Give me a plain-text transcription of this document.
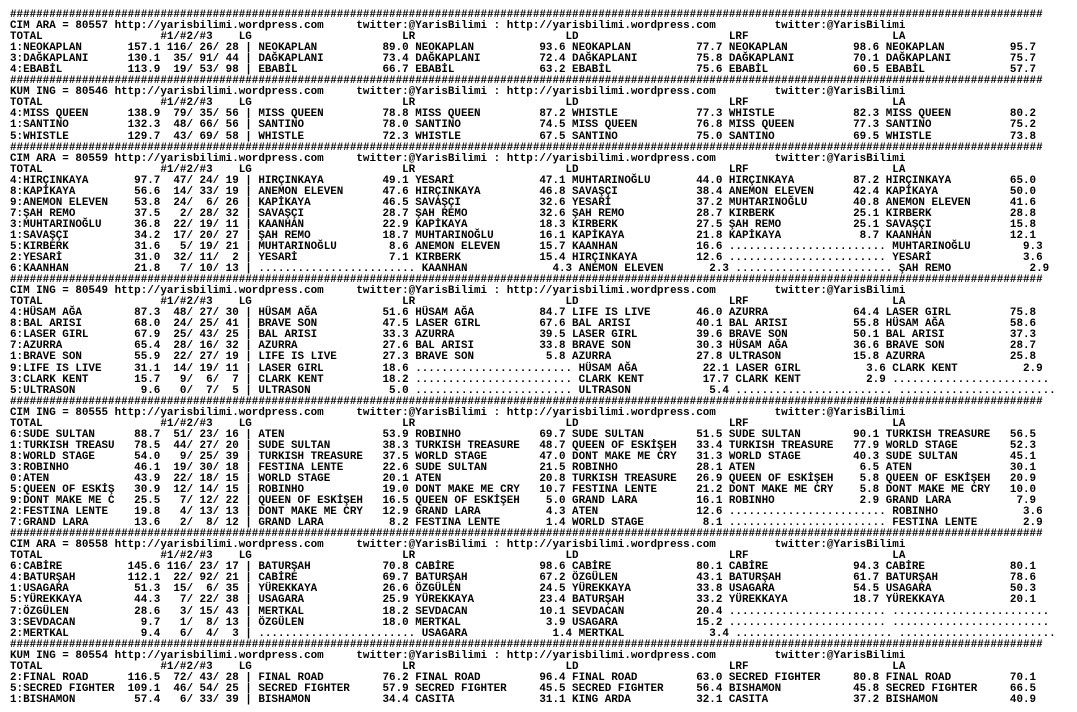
##############################################################################################################################################################
CIM ARA = 80557 http://yarisbilimi.wordpress.com     twitter:@YarisBilimi : http://yarisbilimi.wordpress.com         twitter:@YarisBilimi
TOTAL                  #1/#2/#3    LG                       LR                       LD                       LRF                      LA
1:NEOKAPLAN       157.1 116/ 26/ 28 | NEOKAPLAN          89.0 NEOKAPLAN          93.6 NEOKAPLAN          77.7 NEOKAPLAN          98.6 NEOKAPLAN          95.7
3:DAĞKAPLANI      130.1  35/ 91/ 44 | DAĞKAPLANI         73.4 DAĞKAPLANI         72.4 DAĞKAPLANI         75.8 DAĞKAPLANI         70.1 DAĞKAPLANI         75.7
4:EBABİL          113.9  19/ 53/ 98 | EBABİL             66.7 EBABİL             63.2 EBABİL             75.6 EBABİL             60.5 EBABİL             57.7
##############################################################################################################################################################
KUM ING = 80546 http://yarisbilimi.wordpress.com     twitter:@YarisBilimi : http://yarisbilimi.wordpress.com         twitter:@YarisBilimi
TOTAL                  #1/#2/#3    LG                       LR                       LD                       LRF                      LA
4:MISS QUEEN      138.9  79/ 35/ 56 | MISS QUEEN         78.8 MISS QUEEN         87.2 WHISTLE            77.3 WHISTLE            82.3 MISS QUEEN         80.2
1:SANTINO         132.3  48/ 66/ 56 | SANTINO            78.0 SANTINO            74.5 MISS QUEEN         76.8 MISS QUEEN         77.3 SANTINO            75.2
5:WHISTLE         129.7  43/ 69/ 58 | WHISTLE            72.3 WHISTLE            67.5 SANTINO            75.0 SANTINO            69.5 WHISTLE            73.8
##############################################################################################################################################################
CIM ARA = 80559 http://yarisbilimi.wordpress.com     twitter:@YarisBilimi : http://yarisbilimi.wordpress.com         twitter:@YarisBilimi
TOTAL                  #1/#2/#3    LG                       LR                       LD                       LRF                      LA
4:HIRÇINKAYA       97.7  47/ 24/ 19 | HIRÇINKAYA         49.1 YESARİ             47.1 MUHTARINOĞLU       44.0 HIRÇINKAYA         87.2 HIRÇINKAYA         65.0
8:KAPİKAYA         56.6  14/ 33/ 19 | ANEMON ELEVEN      47.6 HIRÇINKAYA         46.8 SAVAŞÇI            38.4 ANEMON ELEVEN      42.4 KAPİKAYA           50.0
9:ANEMON ELEVEN    53.8  24/  6/ 26 | KAPİKAYA           46.5 SAVAŞÇI            32.6 YESARİ             37.2 MUHTARINOĞLU       40.8 ANEMON ELEVEN      41.6
7:ŞAH REMO         37.5   2/ 28/ 32 | SAVAŞÇI            28.7 ŞAH REMO           32.6 ŞAH REMO           28.7 KIRBERK            25.1 KIRBERK            28.8
3:MUHTARINOĞLU     36.8  22/ 19/ 11 | KAANHAN            22.9 KAPİKAYA           18.3 KIRBERK            27.5 ŞAH REMO           25.1 SAVAŞÇI            15.8
1:SAVAŞÇI          34.2  17/ 20/ 27 | ŞAH REMO           18.7 MUHTARINOĞLU       16.1 KAPİKAYA           21.8 KAPİKAYA            8.7 KAANHAN            12.1
5:KIRBERK          31.6   5/ 19/ 21 | MUHTARINOĞLU        8.6 ANEMON ELEVEN      15.7 KAANHAN            16.6 ........................ MUHTARINOĞLU        9.3
2:YESARİ           31.0  32/ 11/  2 | YESARİ              7.1 KIRBERK            15.4 HIRÇINKAYA         12.6 ........................ YESARİ              3.6
6:KAANHAN          21.8   7/ 10/ 13 | ........................ KAANHAN             4.3 ANEMON ELEVEN       2.3 ........................ ŞAH REMO            2.9
##############################################################################################################################################################
CIM ING = 80549 http://yarisbilimi.wordpress.com     twitter:@YarisBilimi : http://yarisbilimi.wordpress.com         twitter:@YarisBilimi
TOTAL                  #1/#2/#3    LG                       LR                       LD                       LRF                      LA
4:HÜSAM AĞA        87.3  48/ 27/ 30 | HÜSAM AĞA          51.6 HÜSAM AĞA          84.7 LIFE IS LIVE       46.0 AZURRA             64.4 LASER GIRL         75.8
8:BAL ARISI        68.0  24/ 25/ 41 | BRAVE SON          47.5 LASER GIRL         67.6 BAL ARISI          40.1 BAL ARISI          55.8 HÜSAM AĞA          58.6
6:LASER GIRL       67.9  25/ 43/ 25 | BAL ARISI          33.3 AZURRA             39.5 LASER GIRL         39.6 BRAVE SON          50.1 BAL ARISI          37.3
7:AZURRA           65.4  28/ 16/ 32 | AZURRA             27.6 BAL ARISI          33.8 BRAVE SON          30.3 HÜSAM AĞA          36.6 BRAVE SON          28.7
1:BRAVE SON        55.9  22/ 27/ 19 | LIFE IS LIVE       27.3 BRAVE SON           5.8 AZURRA             27.8 ULTRASON           15.8 AZURRA             25.8
9:LIFE IS LIVE     31.1  14/ 19/ 11 | LASER GIRL         18.6 ........................ HÜSAM AĞA          22.1 LASER GIRL          3.6 CLARK KENT          2.9
3:CLARK KENT       15.7   9/  6/  7 | CLARK KENT         18.2 ........................ CLARK KENT         17.7 CLARK KENT          2.9 ........................
5:ULTRASON          9.6   0/  7/  5 | ULTRASON            5.0 ........................ ULTRASON            5.4 ........................ ........................
##############################################################################################################################################################
CIM ING = 80555 http://yarisbilimi.wordpress.com     twitter:@YarisBilimi : http://yarisbilimi.wordpress.com         twitter:@YarisBilimi
TOTAL                  #1/#2/#3    LG                       LR                       LD                       LRF                      LA
6:SUDE SULTAN      88.7  51/ 23/ 16 | ATEN               53.9 ROBINHO            69.7 SUDE SULTAN        51.5 SUDE SULTAN        90.1 TURKISH TREASURE   56.5
1:TURKISH TREASU   78.5  44/ 27/ 20 | SUDE SULTAN        38.3 TURKISH TREASURE   48.7 QUEEN OF ESKİŞEH   33.4 TURKISH TREASURE   77.9 WORLD STAGE        52.3
8:WORLD STAGE      54.0   9/ 25/ 39 | TURKISH TREASURE   37.5 WORLD STAGE        47.0 DONT MAKE ME CRY   31.3 WORLD STAGE        40.3 SUDE SULTAN        45.1
3:ROBINHO          46.1  19/ 30/ 18 | FESTINA LENTE      22.6 SUDE SULTAN        21.5 ROBINHO            28.1 ATEN                6.5 ATEN               30.1
0:ATEN             43.9  22/ 18/ 15 | WORLD STAGE        20.1 ATEN               20.8 TURKISH TREASURE   26.9 QUEEN OF ESKİŞEH    5.8 QUEEN OF ESKİŞEH   20.9
5:QUEEN OF ESKİŞ   30.9  12/ 14/ 15 | ROBINHO            19.0 DONT MAKE ME CRY   10.7 FESTINA LENTE      21.2 DONT MAKE ME CRY    5.8 DONT MAKE ME CRY   10.0
9:DONT MAKE ME C   25.5   7/ 12/ 22 | QUEEN OF ESKİŞEH   16.5 QUEEN OF ESKİŞEH    5.0 GRAND LARA         16.1 ROBINHO             2.9 GRAND LARA          7.9
2:FESTINA LENTE    19.8   4/ 13/ 13 | DONT MAKE ME CRY   12.9 GRAND LARA          4.3 ATEN               12.6 ........................ ROBINHO             3.6
7:GRAND LARA       13.6   2/  8/ 12 | GRAND LARA          8.2 FESTINA LENTE       1.4 WORLD STAGE         8.1 ........................ FESTINA LENTE       2.9
##############################################################################################################################################################
CIM ARA = 80558 http://yarisbilimi.wordpress.com     twitter:@YarisBilimi : http://yarisbilimi.wordpress.com         twitter:@YarisBilimi
TOTAL                  #1/#2/#3    LG                       LR                       LD                       LRF                      LA
6:CABİRE          145.6 116/ 23/ 17 | BATURŞAH           70.8 CABİRE             98.6 CABİRE             80.1 CABİRE             94.3 CABİRE             80.1
4:BATURŞAH        112.1  22/ 92/ 21 | CABİRE             69.7 BATURŞAH           67.2 ÖZGÜLEN            43.1 BATURŞAH           61.7 BATURŞAH           78.6
1:USAGARA          51.3  15/  6/ 35 | YÜREKKAYA          26.6 ÖZGÜLEN            24.5 YÜREKKAYA          33.8 USAGARA            54.5 USAGARA            50.3
5:YÜREKKAYA        44.3   7/ 22/ 38 | USAGARA            25.9 YÜREKKAYA          23.4 BATURŞAH           33.2 YÜREKKAYA          18.7 YÜREKKAYA          20.1
7:ÖZGÜLEN          28.6   3/ 15/ 43 | MERTKAL            18.2 SEVDACAN           10.1 SEVDACAN           20.4 ........................ ........................
3:SEVDACAN          9.7   1/  8/ 13 | ÖZGÜLEN            18.0 MERTKAL             3.9 USAGARA            15.2 ........................ ........................
2:MERTKAL           9.4   6/  4/  3 | ........................ USAGARA             1.4 MERTKAL             3.4 ........................ ........................
##############################################################################################################################################################
KUM ING = 80554 http://yarisbilimi.wordpress.com     twitter:@YarisBilimi : http://yarisbilimi.wordpress.com         twitter:@YarisBilimi
TOTAL                  #1/#2/#3    LG                       LR                       LD                       LRF                      LA
2:FINAL ROAD      116.5  72/ 43/ 28 | FINAL ROAD         76.2 FINAL ROAD         96.4 FINAL ROAD         63.0 SECRED FIGHTER     80.8 FINAL ROAD         70.1
5:SECRED FIGHTER  109.1  46/ 54/ 25 | SECRED FIGHTER     57.9 SECRED FIGHTER     45.5 SECRED FIGHTER     56.4 BISHAMON           45.8 SECRED FIGHTER     66.5
1:BISHAMON         57.4   6/ 33/ 39 | BISHAMON           34.4 CASITA             31.1 KING ARDA          32.1 CASITA             37.2 BISHAMON           40.9
